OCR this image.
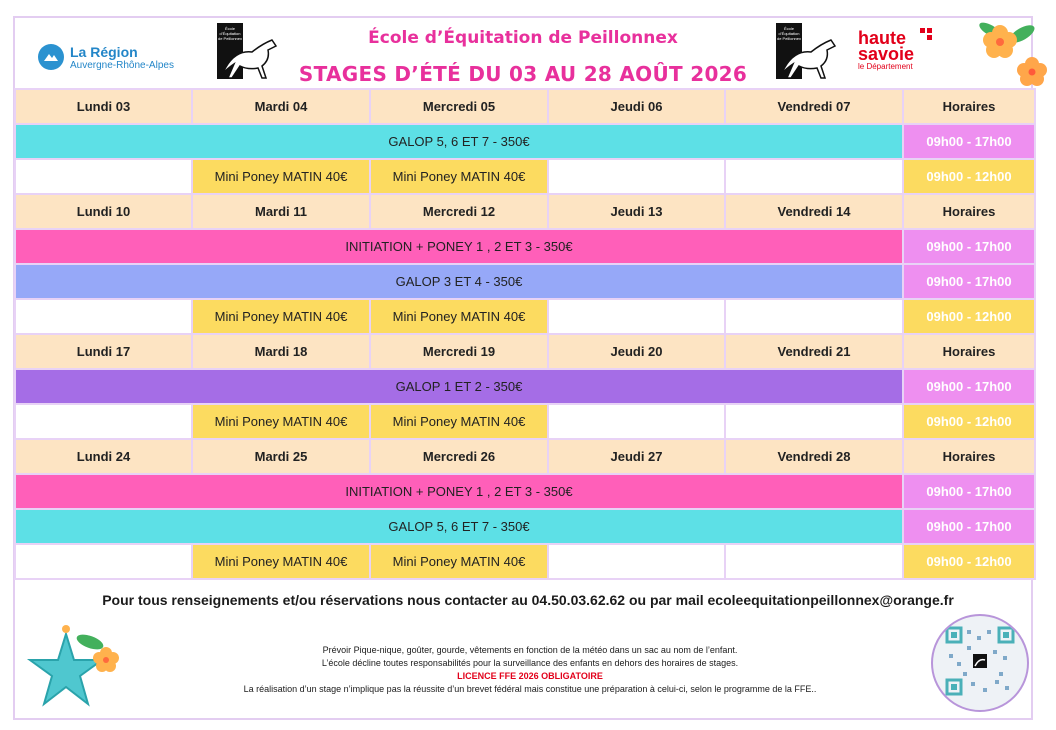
École d’Équitation de Peillonnex
STAGES D’ÉTÉ DU 03 AU 28 AOÛT 2026
La Région
Auvergne-Rhône-Alpes
École
d’Équitation
de Peillonnex
École
d’Équitation
de Peillonnex	haute
savoie
le Département
Lundi 03	Mardi 04	Mercredi 05	Jeudi 06	Vendredi 07	Horaires
GALOP 5, 6 ET 7 - 350€					09h00 - 17h00
	Mini Poney MATIN 40€	Mini Poney MATIN 40€			09h00 - 12h00
Lundi 10	Mardi 11	Mercredi 12	Jeudi 13	Vendredi 14	Horaires
INITIATION + PONEY 1 , 2 ET 3 - 350€					09h00 - 17h00
GALOP 3 ET 4 - 350€					09h00 - 17h00
	Mini Poney MATIN 40€	Mini Poney MATIN 40€			09h00 - 12h00
Lundi 17	Mardi 18	Mercredi 19	Jeudi 20	Vendredi 21	Horaires
GALOP 1 ET 2 - 350€					09h00 - 17h00
	Mini Poney MATIN 40€	Mini Poney MATIN 40€			09h00 - 12h00
Lundi 24	Mardi 25	Mercredi 26	Jeudi 27	Vendredi 28	Horaires
INITIATION + PONEY 1 , 2 ET 3 - 350€					09h00 - 17h00
GALOP 5, 6 ET 7 - 350€					09h00 - 17h00
	Mini Poney MATIN 40€	Mini Poney MATIN 40€			09h00 - 12h00
Pour tous renseignements et/ou réservations nous contacter au 04.50.03.62.62 ou par mail ecoleequitationpeillonnex@orange.fr
Prévoir Pique-nique, goûter, gourde, vêtements en fonction de la météo dans un sac au nom de l’enfant.
L’école décline toutes responsabilités pour la surveillance des enfants en dehors des horaires de stages.
LICENCE FFE 2026 OBLIGATOIRE
La réalisation d’un stage n’implique pas la réussite d’un brevet fédéral mais constitue une préparation à celui-ci, selon le programme de la FFE..
